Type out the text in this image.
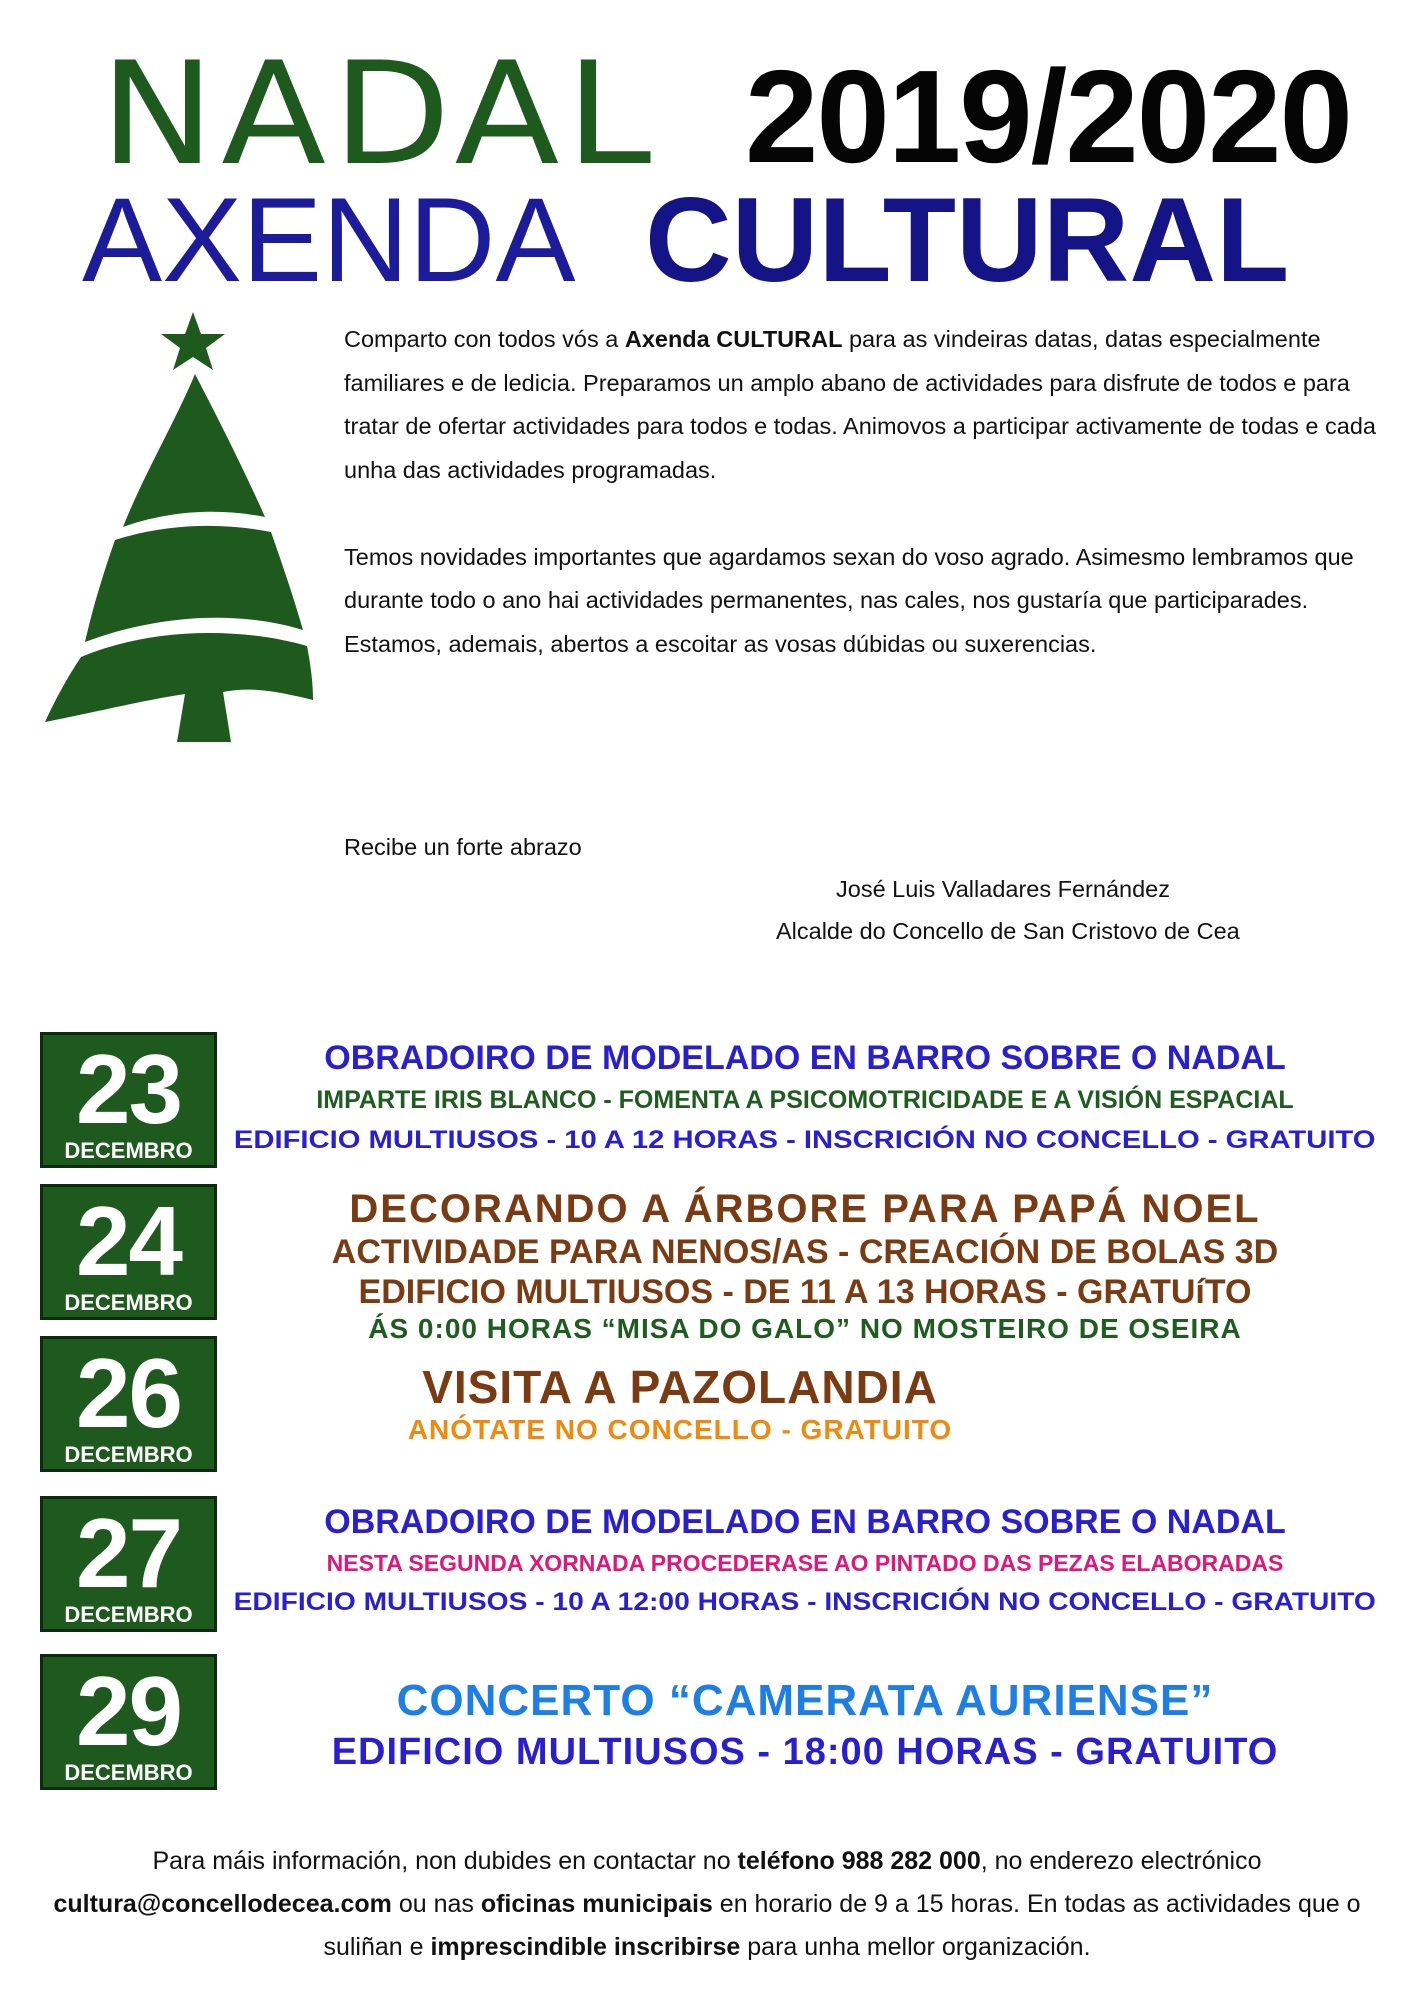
NADAL 2019/2020
AXENDA CULTURAL

Comparto con todos vós a Axenda CULTURAL para as vindeiras datas, datas especialmente familiares e de ledicia. Preparamos un amplo abano de actividades para disfrute de todos e para tratar de ofertar actividades para todos e todas. Animovos a participar activamente de todas e cada unha das actividades programadas.

Temos novidades importantes que agardamos sexan do voso agrado. Asimesmo lembramos que durante todo o ano hai actividades permanentes, nas cales, nos gustaría que participarades. Estamos, ademais, abertos a escoitar as vosas dúbidas ou suxerencias.

Recibe un forte abrazo
José Luis Valladares Fernández
Alcalde do Concello de San Cristovo de Cea
23
DECEMBRO
OBRADOIRO DE MODELADO EN BARRO SOBRE O NADAL
IMPARTE IRIS BLANCO - FOMENTA A PSICOMOTRICIDADE E A VISIÓN ESPACIAL
EDIFICIO MULTIUSOS - 10 A 12 HORAS - INSCRICIÓN NO CONCELLO - GRATUITO
24
DECEMBRO
DECORANDO A ÁRBORE PARA PAPÁ NOEL
ACTIVIDADE PARA NENOS/AS - CREACIÓN DE BOLAS 3D
EDIFICIO MULTIUSOS - DE 11 A 13 HORAS - GRATUíTO
ÁS 0:00 HORAS “MISA DO GALO” NO MOSTEIRO DE OSEIRA
26
DECEMBRO
VISITA A PAZOLANDIA
ANÓTATE NO CONCELLO - GRATUITO
27
DECEMBRO
OBRADOIRO DE MODELADO EN BARRO SOBRE O NADAL
NESTA SEGUNDA XORNADA PROCEDERASE AO PINTADO DAS PEZAS ELABORADAS
EDIFICIO MULTIUSOS - 10 A 12:00 HORAS - INSCRICIÓN NO CONCELLO - GRATUITO
29
DECEMBRO
CONCERTO “CAMERATA AURIENSE”
EDIFICIO MULTIUSOS - 18:00 HORAS - GRATUITO
Para máis información, non dubides en contactar no teléfono 988 282 000, no enderezo electrónico cultura@concellodecea.com ou nas oficinas municipais en horario de 9 a 15 horas. En todas as actividades que o suliñan e imprescindible inscribirse para unha mellor organización.
